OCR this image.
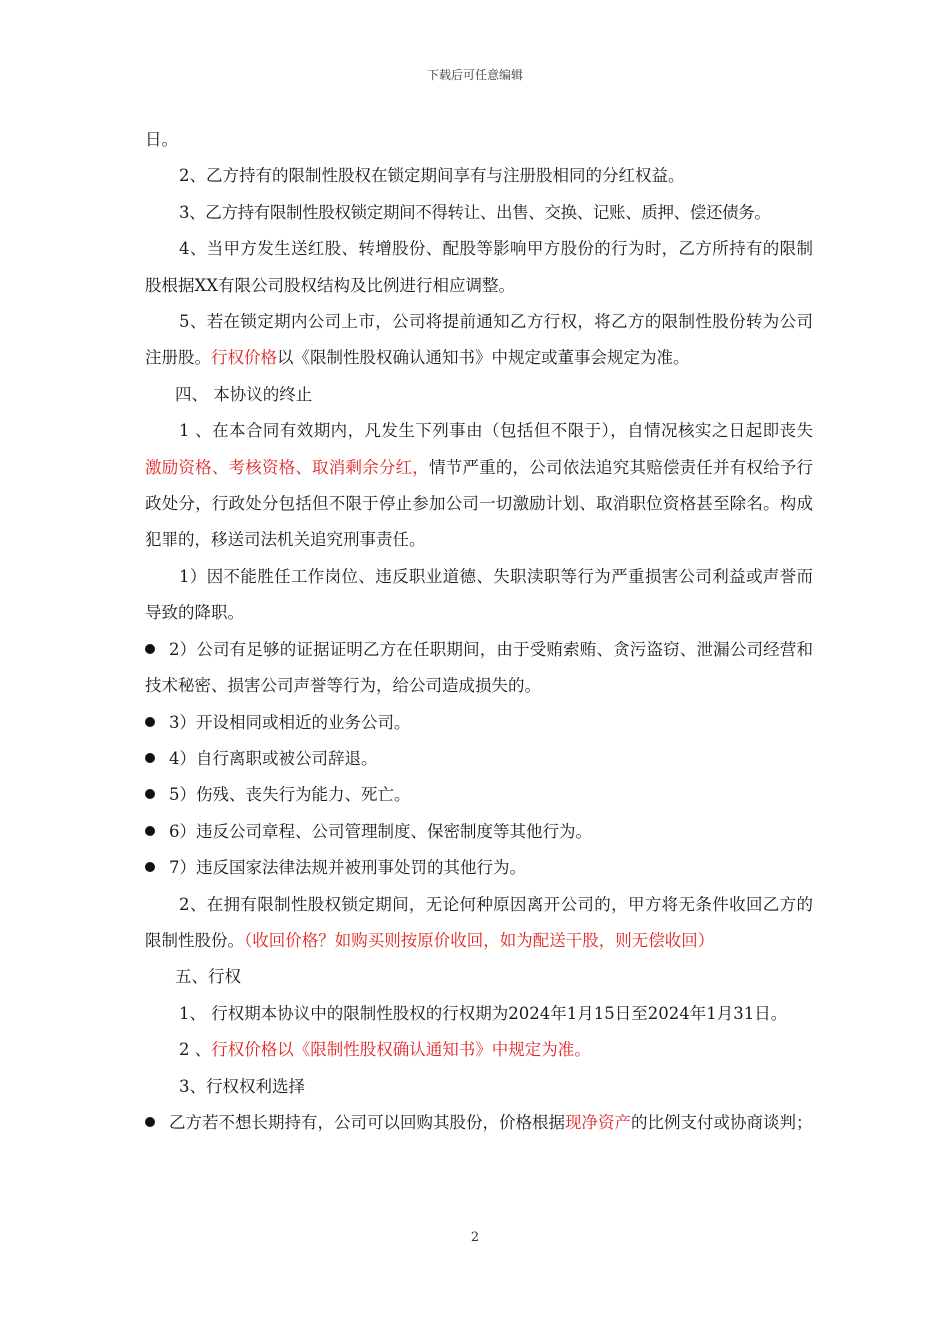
下载后可任意编辑

日。

2、乙方持有的限制性股权在锁定期间享有与注册股相同的分红权益。

3、乙方持有限制性股权锁定期间不得转让、出售、交换、记账、质押、偿还债务。

4、当甲方发生送红股、转增股份、配股等影响甲方股份的行为时，乙方所持有的限制股根据XX有限公司股权结构及比例进行相应调整。

5、若在锁定期内公司上市，公司将提前通知乙方行权，将乙方的限制性股份转为公司注册股。行权价格以《限制性股权确认通知书》中规定或董事会规定为准。

四、 本协议的终止

1 、在本合同有效期内，凡发生下列事由（包括但不限于），自情况核实之日起即丧失激励资格、考核资格、取消剩余分红，情节严重的，公司依法追究其赔偿责任并有权给予行政处分，行政处分包括但不限于停止参加公司一切激励计划、取消职位资格甚至除名。构成犯罪的，移送司法机关追究刑事责任。

1）因不能胜任工作岗位、违反职业道德、失职渎职等行为严重损害公司利益或声誉而导致的降职。

2）公司有足够的证据证明乙方在任职期间，由于受贿索贿、贪污盗窃、泄漏公司经营和技术秘密、损害公司声誉等行为，给公司造成损失的。

3）开设相同或相近的业务公司。

4）自行离职或被公司辞退。

5）伤残、丧失行为能力、死亡。

6）违反公司章程、公司管理制度、保密制度等其他行为。

7）违反国家法律法规并被刑事处罚的其他行为。

2、在拥有限制性股权锁定期间，无论何种原因离开公司的，甲方将无条件收回乙方的限制性股份。（收回价格？如购买则按原价收回，如为配送干股，则无偿收回）

五、行权

1、 行权期本协议中的限制性股权的行权期为2024年1月15日至2024年1月31日。

2 、行权价格以《限制性股权确认通知书》中规定为准。

3、行权权利选择

乙方若不想长期持有，公司可以回购其股份，价格根据现净资产的比例支付或协商谈判；

2
